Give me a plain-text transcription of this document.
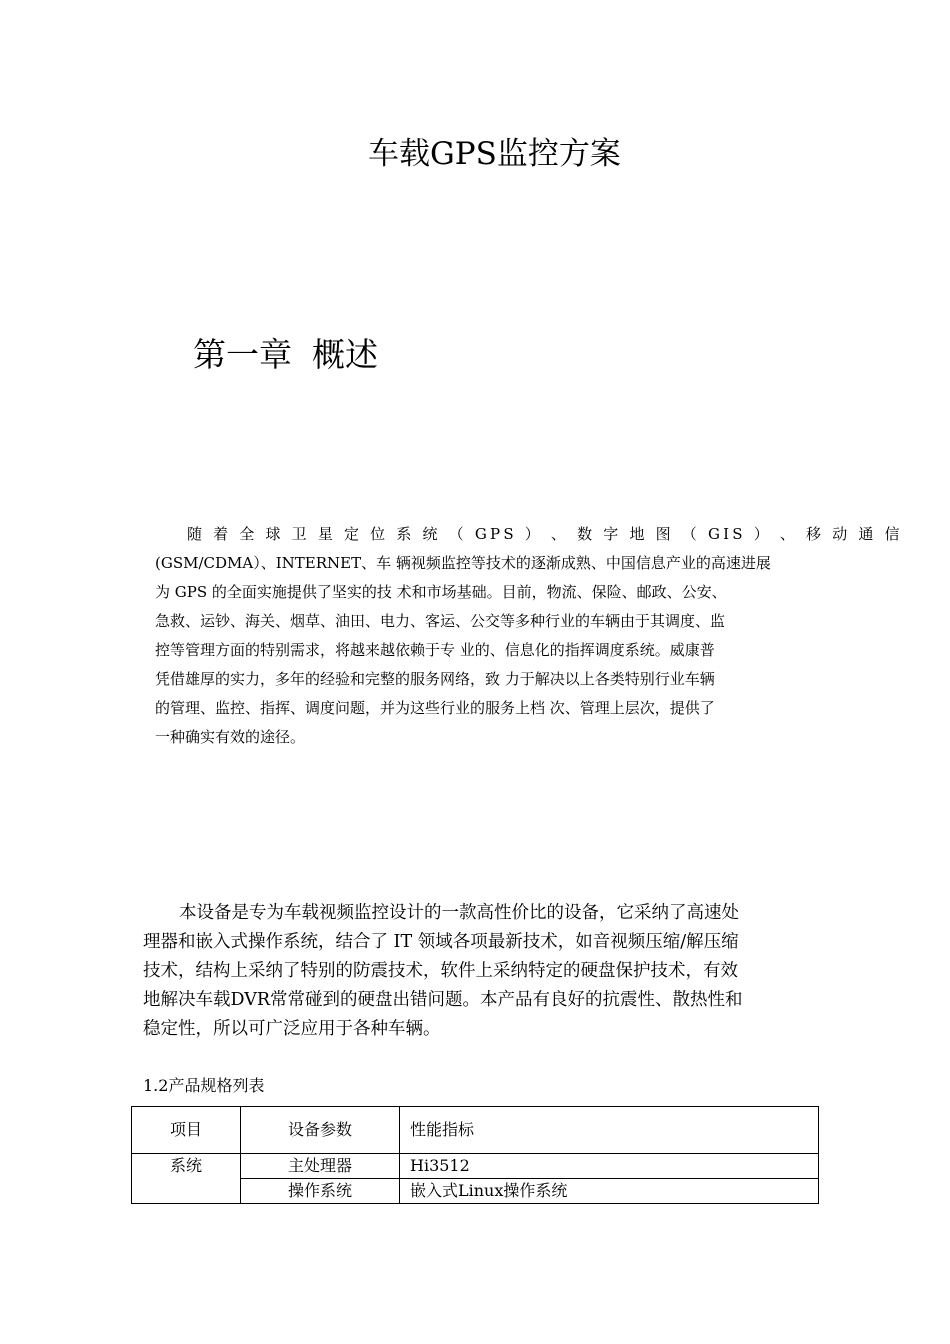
车载GPS监控方案
第一章 概述
随 着 全 球 卫 星 定 位 系 统 （ GPS ） 、 数 字 地 图 （ GIS ） 、 移 动 通 信
(GSM/CDMA）、INTERNET、车 辆视频监控等技术的逐渐成熟、中国信息产业的高速进展
为 GPS 的全面实施提供了坚实的技 术和市场基础。目前，物流、保险、邮政、公安、
急救、运钞、海关、烟草、油田、电力、客运、公交等多种行业的车辆由于其调度、监
控等管理方面的特别需求，将越来越依赖于专 业的、信息化的指挥调度系统。威康普
凭借雄厚的实力，多年的经验和完整的服务网络，致 力于解决以上各类特别行业车辆
的管理、监控、指挥、调度问题，并为这些行业的服务上档 次、管理上层次，提供了
一种确实有效的途径。
本设备是专为车载视频监控设计的一款高性价比的设备，它采纳了高速处
理器和嵌入式操作系统，结合了 IT 领域各项最新技术，如音视频压缩/解压缩
技术，结构上采纳了特别的防震技术，软件上采纳特定的硬盘保护技术，有效
地解决车载DVR常常碰到的硬盘出错问题。本产品有良好的抗震性、散热性和
稳定性，所以可广泛应用于各种车辆。
1.2产品规格列表
项目	设备参数	性能指标
系统	主处理器	Hi3512
	操作系统	嵌入式Linux操作系统
